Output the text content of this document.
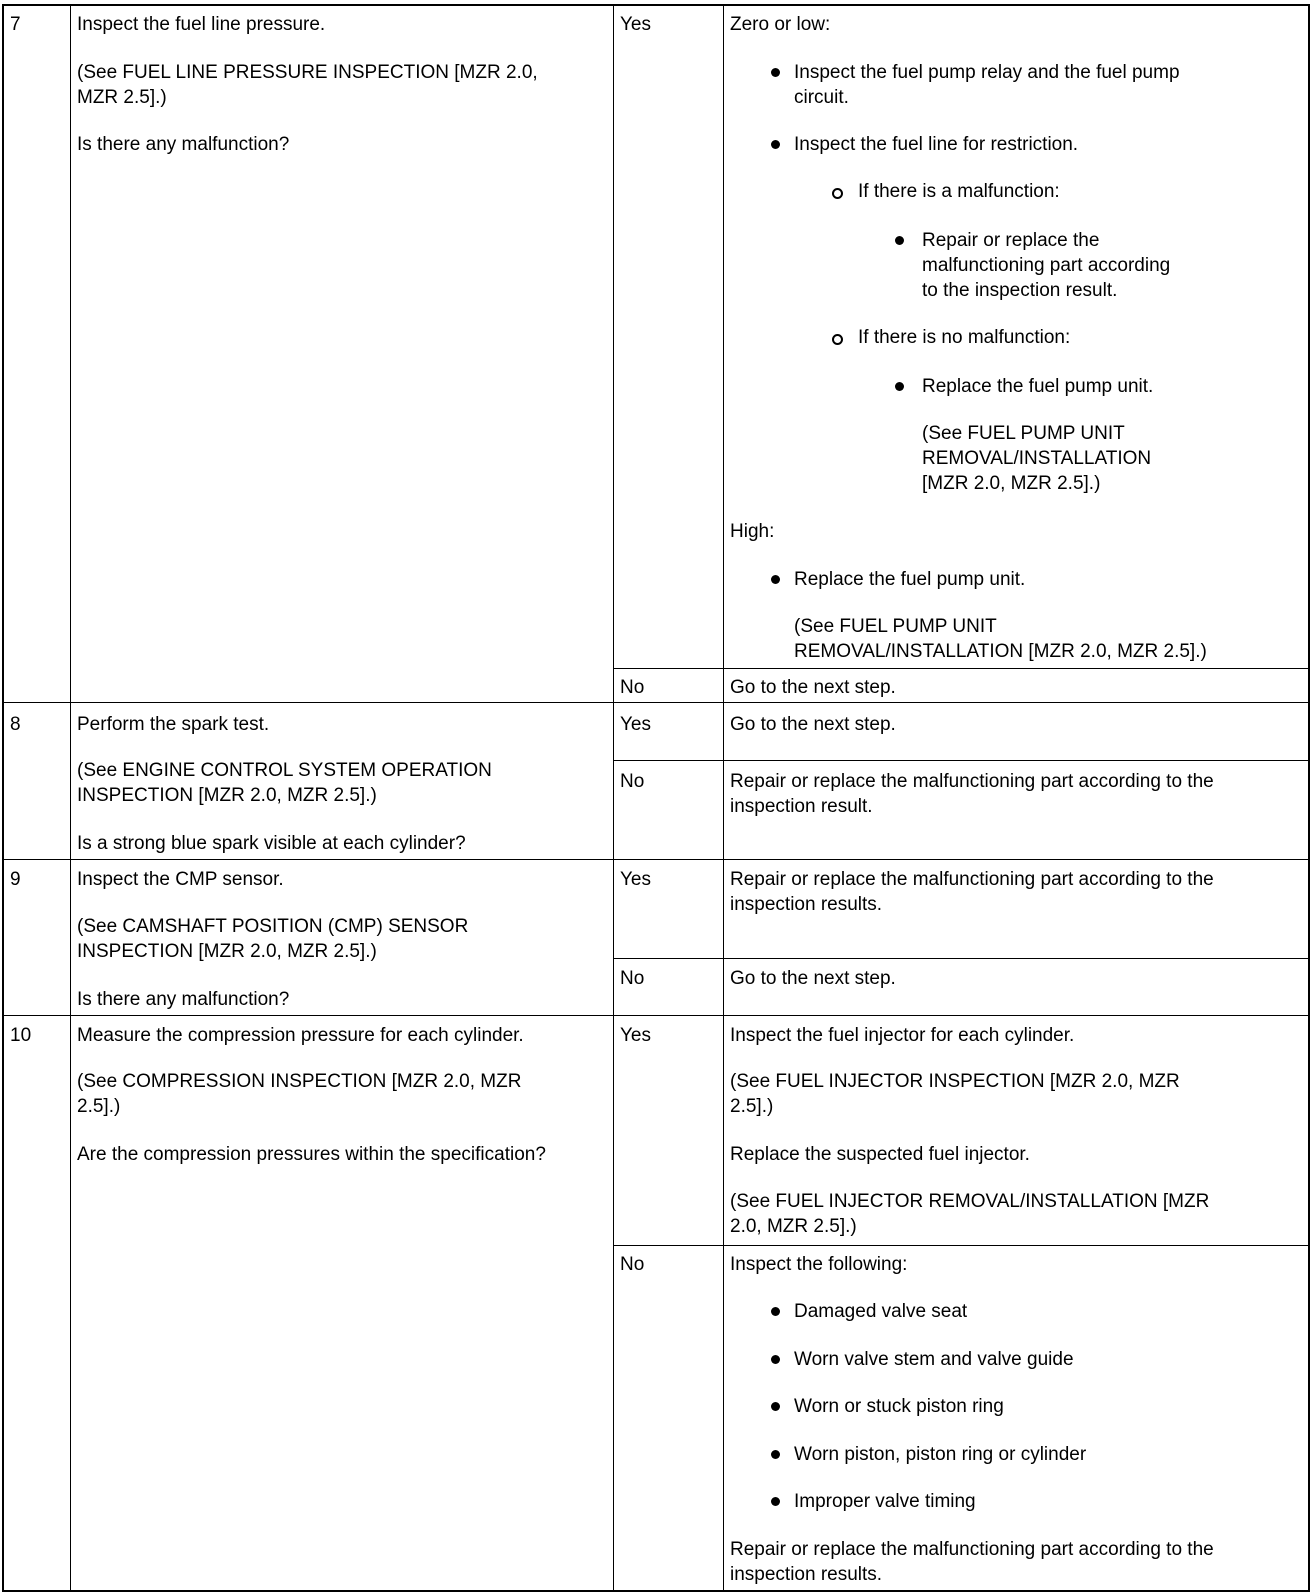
7	Inspect the fuel line pressure.
(See FUEL LINE PRESSURE INSPECTION [MZR 2.0,
MZR 2.5].)
Is there any malfunction?
Yes	Zero or low:
Inspect the fuel pump relay and the fuel pump
circuit.
Inspect the fuel line for restriction.
If there is a malfunction:
Repair or replace the
malfunctioning part according
to the inspection result.
If there is no malfunction:
Replace the fuel pump unit.
(See FUEL PUMP UNIT
REMOVAL/INSTALLATION
[MZR 2.0, MZR 2.5].)
High:
Replace the fuel pump unit.
(See FUEL PUMP UNIT
REMOVAL/INSTALLATION [MZR 2.0, MZR 2.5].)
No	Go to the next step.
8	Perform the spark test.
(See ENGINE CONTROL SYSTEM OPERATION
INSPECTION [MZR 2.0, MZR 2.5].)
Is a strong blue spark visible at each cylinder?
Yes	Go to the next step.
No	Repair or replace the malfunctioning part according to the
inspection result.
9	Inspect the CMP sensor.
(See CAMSHAFT POSITION (CMP) SENSOR
INSPECTION [MZR 2.0, MZR 2.5].)
Is there any malfunction?
Yes	Repair or replace the malfunctioning part according to the
inspection results.
No	Go to the next step.
10 Measure the compression pressure for each cylinder.
(See COMPRESSION INSPECTION [MZR 2.0, MZR
2.5].)
Are the compression pressures within the specification?
Yes	Inspect the fuel injector for each cylinder.
(See FUEL INJECTOR INSPECTION [MZR 2.0, MZR
2.5].)
Replace the suspected fuel injector.
(See FUEL INJECTOR REMOVAL/INSTALLATION [MZR
2.0, MZR 2.5].)
No	Inspect the following:
Damaged valve seat
Worn valve stem and valve guide
Worn or stuck piston ring
Worn piston, piston ring or cylinder
Improper valve timing
Repair or replace the malfunctioning part according to the
inspection results.
